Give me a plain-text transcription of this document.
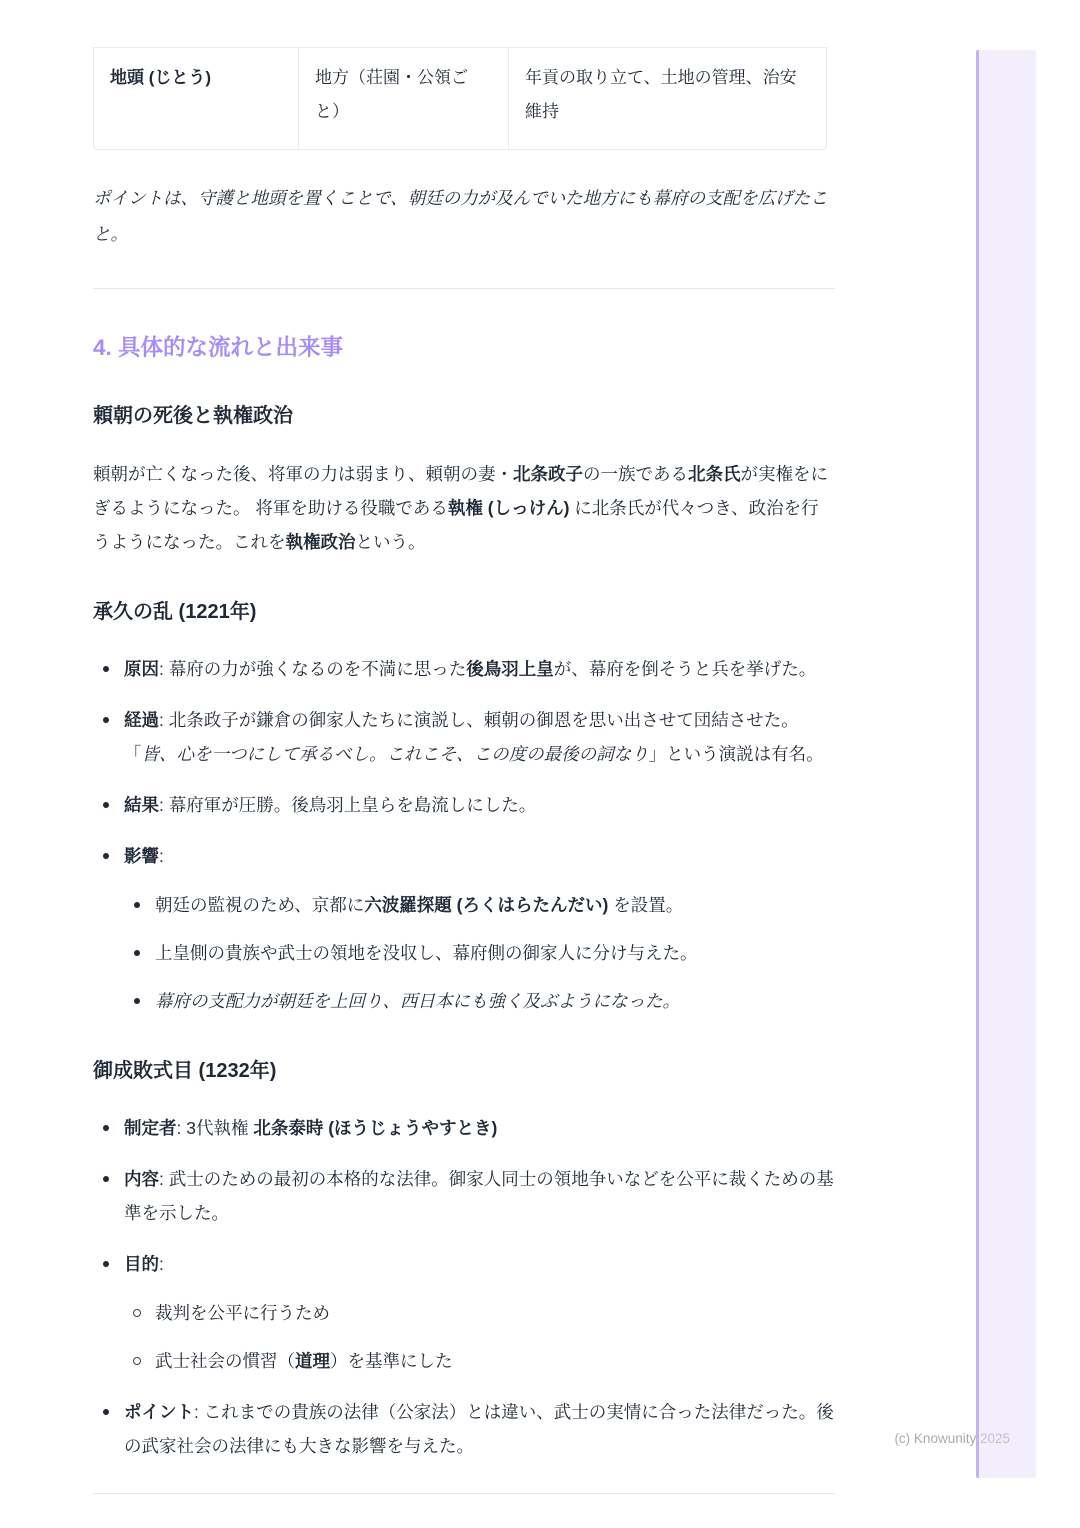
地頭 (じとう)	地方（荘園・公領ごと）
年貢の取り立て、土地の管理、治安維持

ポイントは、守護と地頭を置くことで、朝廷の力が及んでいた地方にも幕府の支配を広げたこと。

4. 具体的な流れと出来事
頼朝の死後と執権政治

頼朝が亡くなった後、将軍の力は弱まり、頼朝の妻・北条政子の一族である北条氏が実権をにぎるようになった。 将軍を助ける役職である執権 (しっけん) に北条氏が代々つき、政治を行うようになった。これを執権政治という。

承久の乱 (1221年)
原因: 幕府の力が強くなるのを不満に思った後鳥羽上皇が、幕府を倒そうと兵を挙げた。
経過: 北条政子が鎌倉の御家人たちに演説し、頼朝の御恩を思い出させて団結させた。「皆、心を一つにして承るべし。これこそ、この度の最後の詞なり」という演説は有名。
結果: 幕府軍が圧勝。後鳥羽上皇らを島流しにした。
影響:
朝廷の監視のため、京都に六波羅探題 (ろくはらたんだい) を設置。
上皇側の貴族や武士の領地を没収し、幕府側の御家人に分け与えた。
幕府の支配力が朝廷を上回り、西日本にも強く及ぶようになった。
御成敗式目 (1232年)
制定者: 3代執権 北条泰時 (ほうじょうやすとき)
内容: 武士のための最初の本格的な法律。御家人同士の領地争いなどを公平に裁くための基準を示した。
目的:
裁判を公平に行うため
武士社会の慣習（道理）を基準にした
ポイント: これまでの貴族の法律（公家法）とは違い、武士の実情に合った法律だった。後の武家社会の法律にも大きな影響を与えた。	(c) Knowunity 2025
